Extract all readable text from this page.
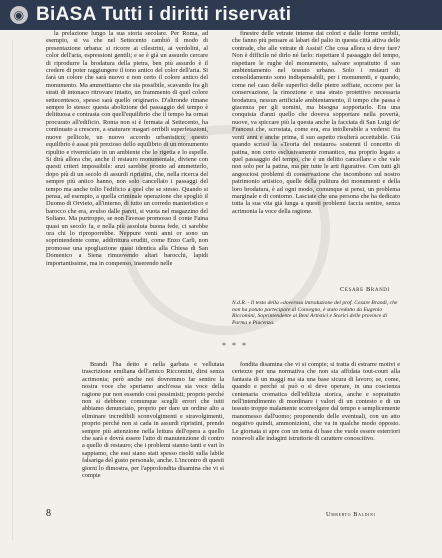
◉ BiASA Tutti i diritti riservati

la prelazione lungo la sua storia secolare. Per Roma, ad esempio, si va che nel Settecento cambiò il modo di presentazione urbana: si ricorre ai cilestrini, ai verdolini, al color dell'aria, espressioni gentili; e se è già un assurdo cercare di riprodurre la brodatura della pietra, ben più assurdo è il credere di poter raggiungere il tono antico del color dell'aria. Si farà un colore che sarà nuovo e non certo il colore antico del monumento. Ma ammettiamo che sia possibile, scavando fra gli strati di intonaco ritrovare intatto, un frammento di quel colore settecentesco, spesso sarà quello originario. D'altronde rimane sempre lo stesso: questa abolizione del passaggio del tempo è delittuosa e contrasta con quell'equilibrio che il tempo ha ormai procurato all'edificio. Roma non si è fermata al Settecento, ha continuato a crescere, a snaturare magari orribili superfetazioni, nuove pellicole, un nuovo accordo urbanistico; questo equilibrio è assai più prezioso dello equilibrio di un monumento ripulito e rivernicíato in un ambiente che lo rigetta e lo espelle. Si dirà allora che, anche il restauro monumentale, diviene con questi criteri impossibile: anzi sarebbe pronto ad ammetterlo, dopo più di un secolo di assurdi ripristini, che, nella ricerca del sempre più antico hanno, non solo cancellato i passaggi del tempo ma anche tolto l'edificio a quel che se stesso. Quando si pensa, ad esempio, a quella criminale operazione che spogliò il Duomo di Orvieto, all'interno, di tutto un corredo manieristico e barocco che era, avulso dalle pareti, si vuota nel magazzino del Soliano. Ma purtroppo, se non l'avesse promosso il conte Faina quasi un secolo fa, e nella più assoluta buona fede, ci sarebbe ora chi lo riproporrebbe. Neppure venti anni or sono un soprintendente come, addirittura eruditi, come Enzo Carli, non promosse una spogliazione quasi identica alla Chiesa di San Domenico a Siena rimuovendo altari barocchi, lapidi importantissime, ma in compenso, inserendo nelle

finestre delle vetrate intense dai colori e dalle forme orribili, che fanno più pensare ai labari del palio in questa città attiva delle contrade, che alle vetrate di Assisi! Che cosa allora si deve fare? Non è difficile né dirlo né farlo: rispettare il passaggio del tempo, rispettare le rughe del monumento, salvare soprattutto il suo ambientamento nel tessuto urbano. Solo i restauri di consolidamento sono indispensabili, per i monumenti, e quando, come nel caso delle superfici delle pietre soffiate, occorre per la conservazione, la rimozione e una strato protettivo necessaria brodatura, nessun artificiale ambientamento, il tempo che passa è giacenza per gli uomini, ma bisogna sopportarlo. Era una conquista d'anni quello che doveva sopportare nella povertà, nuove, va spiccare più la questa anche la facciata di San Luigi de' Francesi che, scrostata, come era, era intollerabile a vedersi: fra venti anni e anche prima, il suo aspetto risulterà accettabile. Già quando scrissi la «Teoria del restauro» sostenni il concetto di patina, non certo esclusivamente romantico, ma proprio legato a quel passaggio del tempo, che è un delitto cancellare e che vale non solo per la patina, ma per tutte le arti figurative. Con tutti gli angosciosi problemi di conservazione che incombono sul nostro patrimonio artistico, quelle della pulitura dei monumenti e della loro brodatura, è ad ogni modo, comunque si pensi, un problema marginale e di contorno. Lasciate che una persona che ha dedicato tutta la sua vita già lunga a questi problemi faccia sentire, senza acrimonia la voce della ragione.

Cesare Brandi
N.d.R. - Il testo della «doverosa introduzione del prof. Cesare Brandi, che non ha potuto partecipare al Convegno, è stato redatto da Eugenio Riccomini, Soprintendente ai Beni Artistici e Storici delle province di Parma e Piacenza.
* * *

Brandi l'ha detto e nella garbata e vellutata trascrizione emiliana dell'amico Riccomini, dirsi senza acrimonia; però anche noi dovremmo far sentire la nostra voce che speriamo anch'essa sia voce della ragione pur non essendo così pessimisti; proprio perché non si debbono comunque sceglli errori che tutti abbiamo denunciato, proprio per dare un ordine alto a eliminare incredibili sconvolgimenti e stravolgimenti, proprio perché non si cada in assurdi ripristini, prendo sempre più attenzione nella lettura dell'opera a quello che sarà e dovrà essere l'atto di manutenzione di contro a quello di restauro; che i problemi stanno tanti e vari lo sappiamo, che essi siano stati spesso risolti sulla labile falsariga del gusto personale, anche. L'incontro di questi giorni lo dimostra, per l'approfondita disamina che vi si compie

fondita disamina che vi si compie; si tratta di estrarre motivi e certezze per una normativa che non sia affidata tout-court alla fantasia di un maggi ma sia una base sicura di lavoro; se, come, quando e perché si può o si deve operare, in una coscienza centenaria cromatica dell'edilizia storica, anche e soprattutto nell'intendimento di mordinare i valori di un contesto e di un tessuto troppo malamente sconvolgere dal tempo e semplicemente manomesso dall'uomo; proponendo delle eventuali, con un atto negativo quindi, ammonizioni, che va in qualche modo opposto. Le giornata si apre con un tema di base che vuole essere esterriori nonevoli alle indagini istruttorie di carattere conoscitivo.

Umberto Baldini
8
